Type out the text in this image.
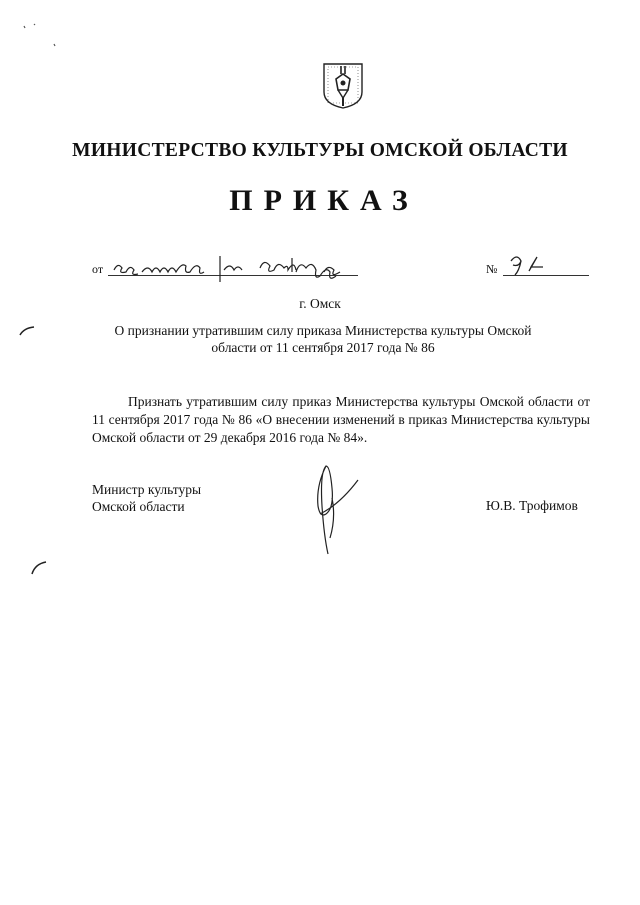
МИНИСТЕРСТВО КУЛЬТУРЫ ОМСКОЙ ОБЛАСТИ
ПРИКАЗ
от	№
г. Омск
О признании утратившим силу приказа Министерства культуры Омской области от 11 сентября 2017 года № 86
Признать утратившим силу приказ Министерства культуры Омской области от 11 сентября 2017 года № 86 «О внесении изменений в приказ Министерства культуры Омской области от 29 декабря 2016 года № 84».
Министр культуры
Омской области	Ю.В. Трофимов
